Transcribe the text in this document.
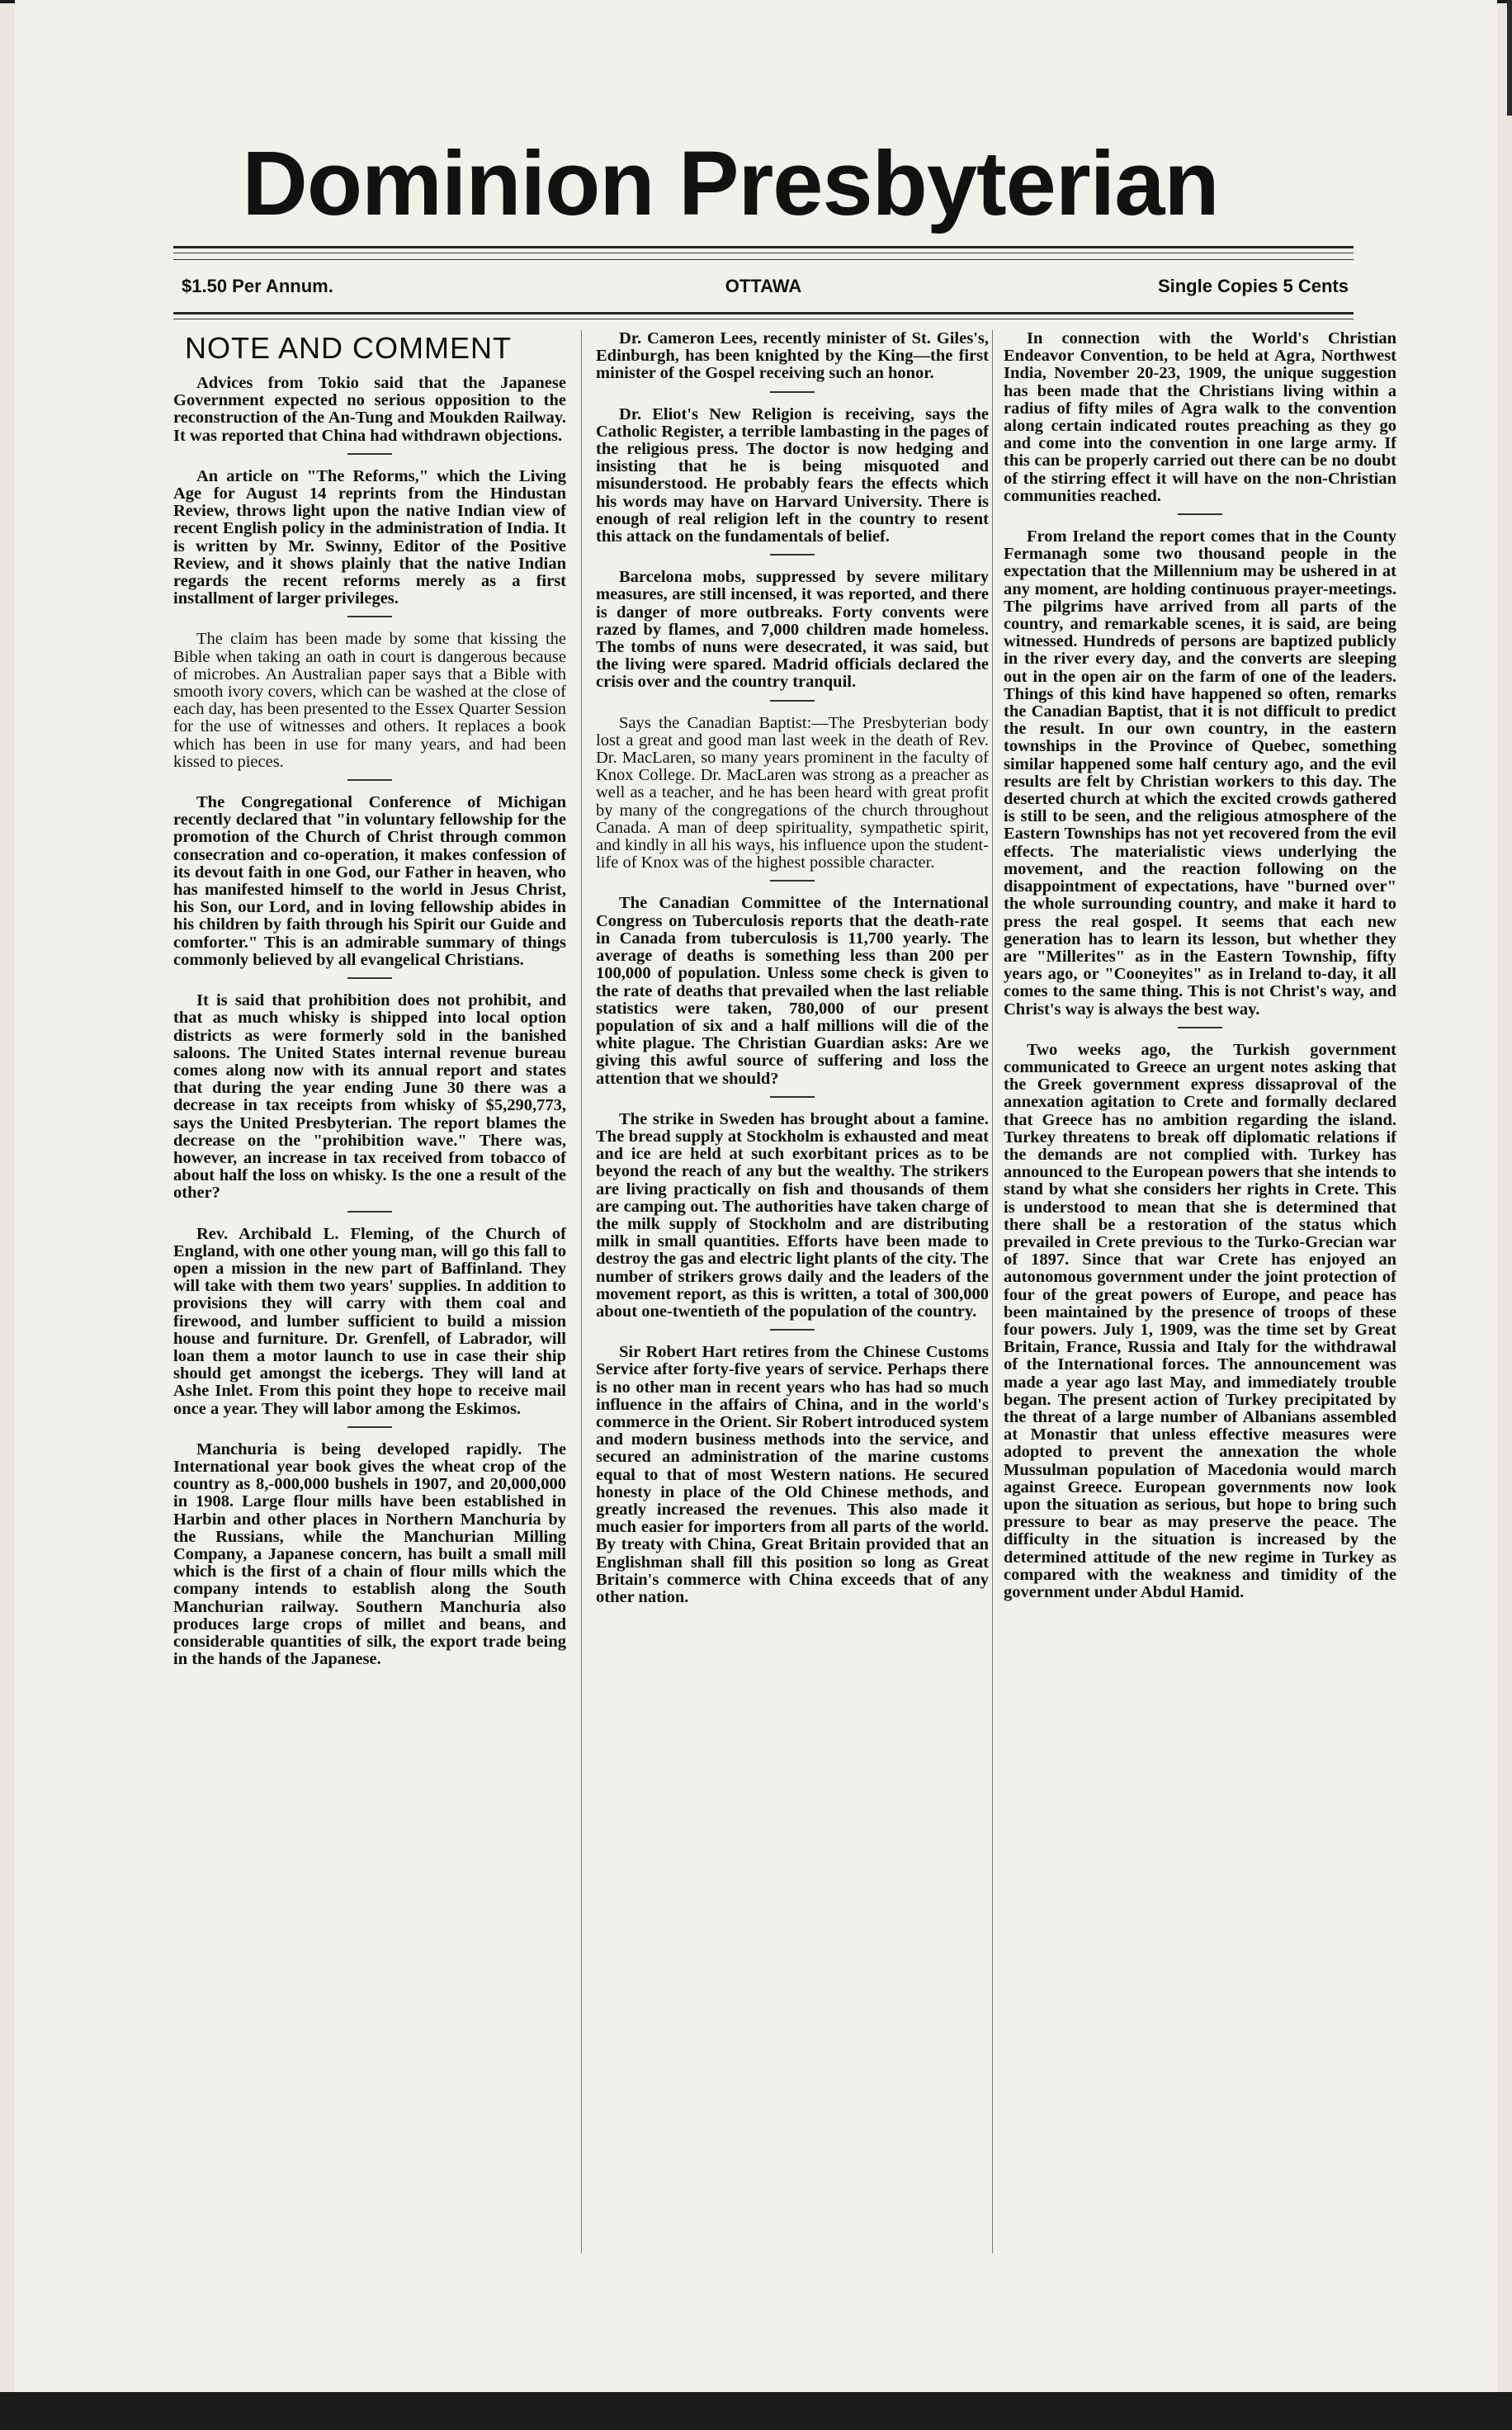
Dominion Presbyterian
$1.50 Per Annum.	OTTAWA	Single Copies 5 Cents
NOTE AND COMMENT

Advices from Tokio said that the Japanese Government expected no serious opposition to the reconstruction of the An-Tung and Moukden Railway. It was reported that China had withdrawn objections.

An article on "The Reforms," which the Living Age for August 14 reprints from the Hindustan Review, throws light upon the native Indian view of recent English policy in the administration of India. It is written by Mr. Swinny, Editor of the Positive Review, and it shows plainly that the native Indian regards the recent reforms merely as a first installment of larger privileges.

The claim has been made by some that kissing the Bible when taking an oath in court is dangerous because of microbes. An Australian paper says that a Bible with smooth ivory covers, which can be washed at the close of each day, has been presented to the Essex Quarter Session for the use of witnesses and others. It replaces a book which has been in use for many years, and had been kissed to pieces.

The Congregational Conference of Michigan recently declared that "in voluntary fellowship for the promotion of the Church of Christ through common consecration and co-operation, it makes confession of its devout faith in one God, our Father in heaven, who has manifested himself to the world in Jesus Christ, his Son, our Lord, and in loving fellowship abides in his children by faith through his Spirit our Guide and comforter." This is an admirable summary of things commonly believed by all evangelical Christians.

It is said that prohibition does not prohibit, and that as much whisky is shipped into local option districts as were formerly sold in the banished saloons. The United States internal revenue bureau comes along now with its annual report and states that during the year ending June 30 there was a decrease in tax receipts from whisky of $5,290,773, says the United Presbyterian. The report blames the decrease on the "prohibition wave." There was, however, an increase in tax received from tobacco of about half the loss on whisky. Is the one a result of the other?

Rev. Archibald L. Fleming, of the Church of England, with one other young man, will go this fall to open a mission in the new part of Baffinland. They will take with them two years' supplies. In addition to provisions they will carry with them coal and firewood, and lumber sufficient to build a mission house and furniture. Dr. Grenfell, of Labrador, will loan them a motor launch to use in case their ship should get amongst the icebergs. They will land at Ashe Inlet. From this point they hope to receive mail once a year. They will labor among the Eskimos.

Manchuria is being developed rapidly. The International year book gives the wheat crop of the country as 8,-000,000 bushels in 1907, and 20,000,000 in 1908. Large flour mills have been established in Harbin and other places in Northern Manchuria by the Russians, while the Manchurian Milling Company, a Japanese concern, has built a small mill which is the first of a chain of flour mills which the company intends to establish along the South Manchurian railway. Southern Manchuria also produces large crops of millet and beans, and considerable quantities of silk, the export trade being in the hands of the Japanese.

Dr. Cameron Lees, recently minister of St. Giles's, Edinburgh, has been knighted by the King—the first minister of the Gospel receiving such an honor.

Dr. Eliot's New Religion is receiving, says the Catholic Register, a terrible lambasting in the pages of the religious press. The doctor is now hedging and insisting that he is being misquoted and misunderstood. He probably fears the effects which his words may have on Harvard University. There is enough of real religion left in the country to resent this attack on the fundamentals of belief.

Barcelona mobs, suppressed by severe military measures, are still incensed, it was reported, and there is danger of more outbreaks. Forty convents were razed by flames, and 7,000 children made homeless. The tombs of nuns were desecrated, it was said, but the living were spared. Madrid officials declared the crisis over and the country tranquil.

Says the Canadian Baptist:—The Presbyterian body lost a great and good man last week in the death of Rev. Dr. MacLaren, so many years prominent in the faculty of Knox College. Dr. MacLaren was strong as a preacher as well as a teacher, and he has been heard with great profit by many of the congregations of the church throughout Canada. A man of deep spirituality, sympathetic spirit, and kindly in all his ways, his influence upon the student-life of Knox was of the highest possible character.

The Canadian Committee of the International Congress on Tuberculosis reports that the death-rate in Canada from tuberculosis is 11,700 yearly. The average of deaths is something less than 200 per 100,000 of population. Unless some check is given to the rate of deaths that prevailed when the last reliable statistics were taken, 780,000 of our present population of six and a half millions will die of the white plague. The Christian Guardian asks: Are we giving this awful source of suffering and loss the attention that we should?

The strike in Sweden has brought about a famine. The bread supply at Stockholm is exhausted and meat and ice are held at such exorbitant prices as to be beyond the reach of any but the wealthy. The strikers are living practically on fish and thousands of them are camping out. The authorities have taken charge of the milk supply of Stockholm and are distributing milk in small quantities. Efforts have been made to destroy the gas and electric light plants of the city. The number of strikers grows daily and the leaders of the movement report, as this is written, a total of 300,000 about one-twentieth of the population of the country.

Sir Robert Hart retires from the Chinese Customs Service after forty-five years of service. Perhaps there is no other man in recent years who has had so much influence in the affairs of China, and in the world's commerce in the Orient. Sir Robert introduced system and modern business methods into the service, and secured an administration of the marine customs equal to that of most Western nations. He secured honesty in place of the Old Chinese methods, and greatly increased the revenues. This also made it much easier for importers from all parts of the world. By treaty with China, Great Britain provided that an Englishman shall fill this position so long as Great Britain's commerce with China exceeds that of any other nation.

In connection with the World's Christian Endeavor Convention, to be held at Agra, Northwest India, November 20-23, 1909, the unique suggestion has been made that the Christians living within a radius of fifty miles of Agra walk to the convention along certain indicated routes preaching as they go and come into the convention in one large army. If this can be properly carried out there can be no doubt of the stirring effect it will have on the non-Christian communities reached.

From Ireland the report comes that in the County Fermanagh some two thousand people in the expectation that the Millennium may be ushered in at any moment, are holding continuous prayer-meetings. The pilgrims have arrived from all parts of the country, and remarkable scenes, it is said, are being witnessed. Hundreds of persons are baptized publicly in the river every day, and the converts are sleeping out in the open air on the farm of one of the leaders. Things of this kind have happened so often, remarks the Canadian Baptist, that it is not difficult to predict the result. In our own country, in the eastern townships in the Province of Quebec, something similar happened some half century ago, and the evil results are felt by Christian workers to this day. The deserted church at which the excited crowds gathered is still to be seen, and the religious atmosphere of the Eastern Townships has not yet recovered from the evil effects. The materialistic views underlying the movement, and the reaction following on the disappointment of expectations, have "burned over" the whole surrounding country, and make it hard to press the real gospel. It seems that each new generation has to learn its lesson, but whether they are "Millerites" as in the Eastern Township, fifty years ago, or "Cooneyites" as in Ireland to-day, it all comes to the same thing. This is not Christ's way, and Christ's way is always the best way.

Two weeks ago, the Turkish government communicated to Greece an urgent notes asking that the Greek government express dissaproval of the annexation agitation to Crete and formally declared that Greece has no ambition regarding the island. Turkey threatens to break off diplomatic relations if the demands are not complied with. Turkey has announced to the European powers that she intends to stand by what she considers her rights in Crete. This is understood to mean that she is determined that there shall be a restoration of the status which prevailed in Crete previous to the Turko-Grecian war of 1897. Since that war Crete has enjoyed an autonomous government under the joint protection of four of the great powers of Europe, and peace has been maintained by the presence of troops of these four powers. July 1, 1909, was the time set by Great Britain, France, Russia and Italy for the withdrawal of the International forces. The announcement was made a year ago last May, and immediately trouble began. The present action of Turkey precipitated by the threat of a large number of Albanians assembled at Monastir that unless effective measures were adopted to prevent the annexation the whole Mussulman population of Macedonia would march against Greece. European governments now look upon the situation as serious, but hope to bring such pressure to bear as may preserve the peace. The difficulty in the situation is increased by the determined attitude of the new regime in Turkey as compared with the weakness and timidity of the government under Abdul Hamid.
